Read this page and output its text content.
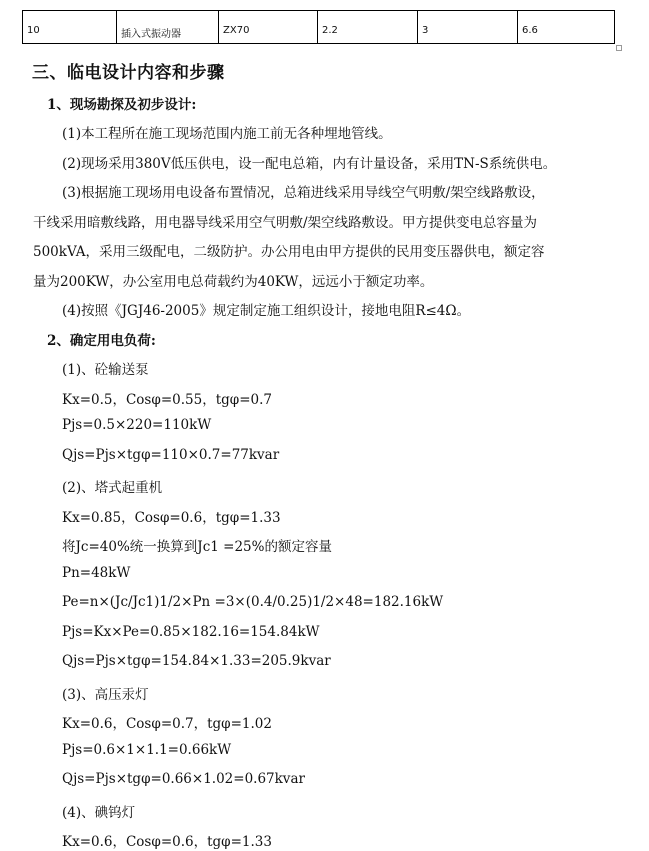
10	插入式振动器	ZX70	2.2	3	6.6
三、临电设计内容和步骤
1、现场勘探及初步设计:
(1)本工程所在施工现场范围内施工前无各种埋地管线。
(2)现场采用380V低压供电，设一配电总箱，内有计量设备，采用TN-S系统供电。
(3)根据施工现场用电设备布置情况，总箱进线采用导线空气明敷/架空线路敷设，
干线采用暗敷线路，用电器导线采用空气明敷/架空线路敷设。甲方提供变电总容量为
500kVA，采用三级配电，二级防护。办公用电由甲方提供的民用变压器供电，额定容
量为200KW，办公室用电总荷载约为40KW，远远小于额定功率。
(4)按照《JGJ46-2005》规定制定施工组织设计，接地电阻R≤4Ω。
2、确定用电负荷:
(1)、砼输送泵
Kx=0.5，Cosφ=0.55，tgφ=0.7
Pjs=0.5×220=110kW
Qjs=Pjs×tgφ=110×0.7=77kvar
(2)、塔式起重机
Kx=0.85，Cosφ=0.6，tgφ=1.33
将Jc=40%统一换算到Jc1 =25%的额定容量
Pn=48kW
Pe=n×(Jc/Jc1)1/2×Pn =3×(0.4/0.25)1/2×48=182.16kW
Pjs=Kx×Pe=0.85×182.16=154.84kW
Qjs=Pjs×tgφ=154.84×1.33=205.9kvar
(3)、高压汞灯
Kx=0.6，Cosφ=0.7，tgφ=1.02
Pjs=0.6×1×1.1=0.66kW
Qjs=Pjs×tgφ=0.66×1.02=0.67kvar
(4)、碘钨灯
Kx=0.6，Cosφ=0.6，tgφ=1.33
